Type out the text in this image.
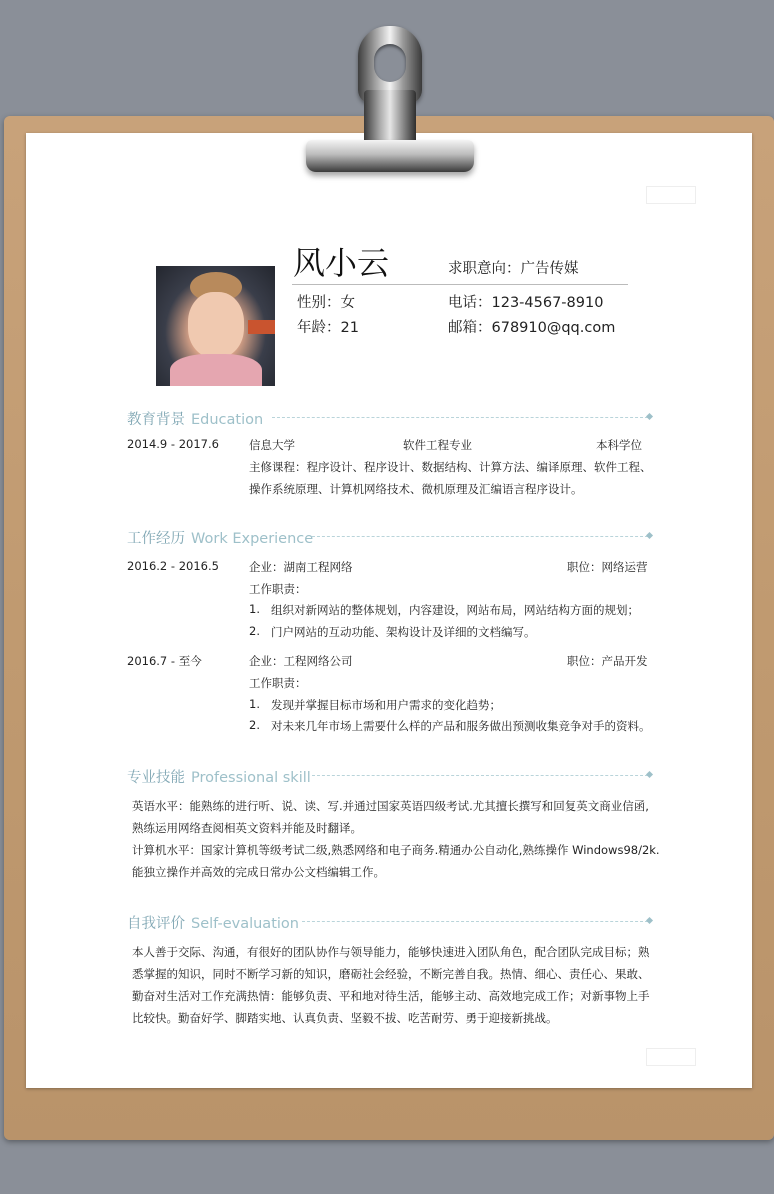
风小云	求职意向：广告传媒
性别：女	电话：123-4567-8910
年龄：21	邮箱：678910@qq.com
教育背景 Education
2014.9 - 2017.6	信息大学	软件工程专业	本科学位
主修课程：程序设计、程序设计、数据结构、计算方法、编译原理、软件工程、
操作系统原理、计算机网络技术、微机原理及汇编语言程序设计。
工作经历 Work Experience
2016.2 - 2016.5	企业：湖南工程网络	职位：网络运营
工作职责：
1. 组织对新网站的整体规划，内容建设，网站布局，网站结构方面的规划；
2. 门户网站的互动功能、架构设计及详细的文档编写。
2016.7 - 至今	企业：工程网络公司	职位：产品开发
工作职责：
1. 发现并掌握目标市场和用户需求的变化趋势；
2. 对未来几年市场上需要什么样的产品和服务做出预测收集竞争对手的资料。
专业技能 Professional skill
英语水平：能熟练的进行听、说、读、写.并通过国家英语四级考试.尤其擅长撰写和回复英文商业信函,
熟练运用网络查阅相英文资料并能及时翻译。
计算机水平：国家计算机等级考试二级,熟悉网络和电子商务.精通办公自动化,熟练操作 Windows98/2k.
能独立操作并高效的完成日常办公文档编辑工作。
自我评价 Self-evaluation
本人善于交际、沟通，有很好的团队协作与领导能力，能够快速进入团队角色，配合团队完成目标；熟
悉掌握的知识，同时不断学习新的知识，磨砺社会经验，不断完善自我。热情、细心、责任心、果敢、
勤奋对生活对工作充满热情：能够负责、平和地对待生活，能够主动、高效地完成工作；对新事物上手
比较快。勤奋好学、脚踏实地、认真负责、坚毅不拔、吃苦耐劳、勇于迎接新挑战。
